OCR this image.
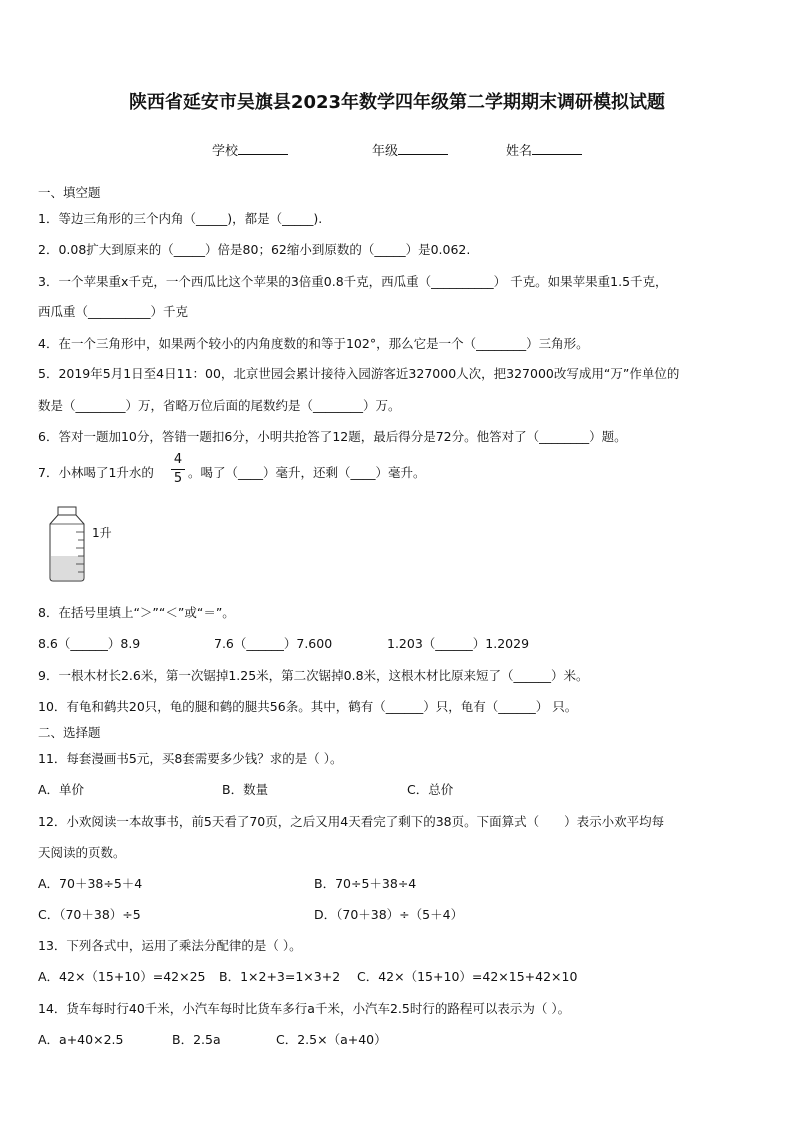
陕西省延安市吴旗县2023年数学四年级第二学期期末调研模拟试题
学校	年级	姓名
一、填空题
1．等边三角形的三个内角（_____)，都是（_____).
2．0.08扩大到原来的（_____）倍是80；62缩小到原数的（_____）是0.062.
3．一个苹果重x千克，一个西瓜比这个苹果的3倍重0.8千克，西瓜重（__________） 千克。如果苹果重1.5千克，
西瓜重（__________）千克
4．在一个三角形中，如果两个较小的内角度数的和等于102°，那么它是一个（________）三角形。
5．2019年5月1日至4日11：00，北京世园会累计接待入园游客近327000人次，把327000改写成用“万”作单位的
数是（________）万，省略万位后面的尾数约是（________）万。
6．答对一题加10分，答错一题扣6分，小明共抢答了12题，最后得分是72分。他答对了（________）题。
7．小林喝了1升水的
4
5 。喝了（____）毫升，还剩（____）毫升。
1升
8．在括号里填上“＞”“＜”或“＝”。
8.6（______）8.9	7.6（______）7.600	1.203（______）1.2029
9．一根木材长2.6米，第一次锯掉1.25米，第二次锯掉0.8米，这根木材比原来短了（______）米。
10．有龟和鹤共20只，龟的腿和鹤的腿共56条。其中，鹤有（______）只，龟有（______） 只。
二、选择题
11．每套漫画书5元，买8套需要多少钱？求的是（ ）。
A．单价	B．数量	C．总价
12．小欢阅读一本故事书，前5天看了70页，之后又用4天看完了剩下的38页。下面算式（　　）表示小欢平均每
天阅读的页数。
A．70＋38÷5＋4	B．70÷5＋38÷4
C．（70＋38）÷5	D．（70＋38）÷（5＋4）
13．下列各式中，运用了乘法分配律的是（ ）。
A．42×（15+10）=42×25 B．1×2+3=1×3+2 C．42×（15+10）=42×15+42×10
14．货车每时行40千米，小汽车每时比货车多行a千米，小汽车2.5时行的路程可以表示为（ ）。
A．a+40×2.5	B．2.5a	C．2.5×（a+40）
